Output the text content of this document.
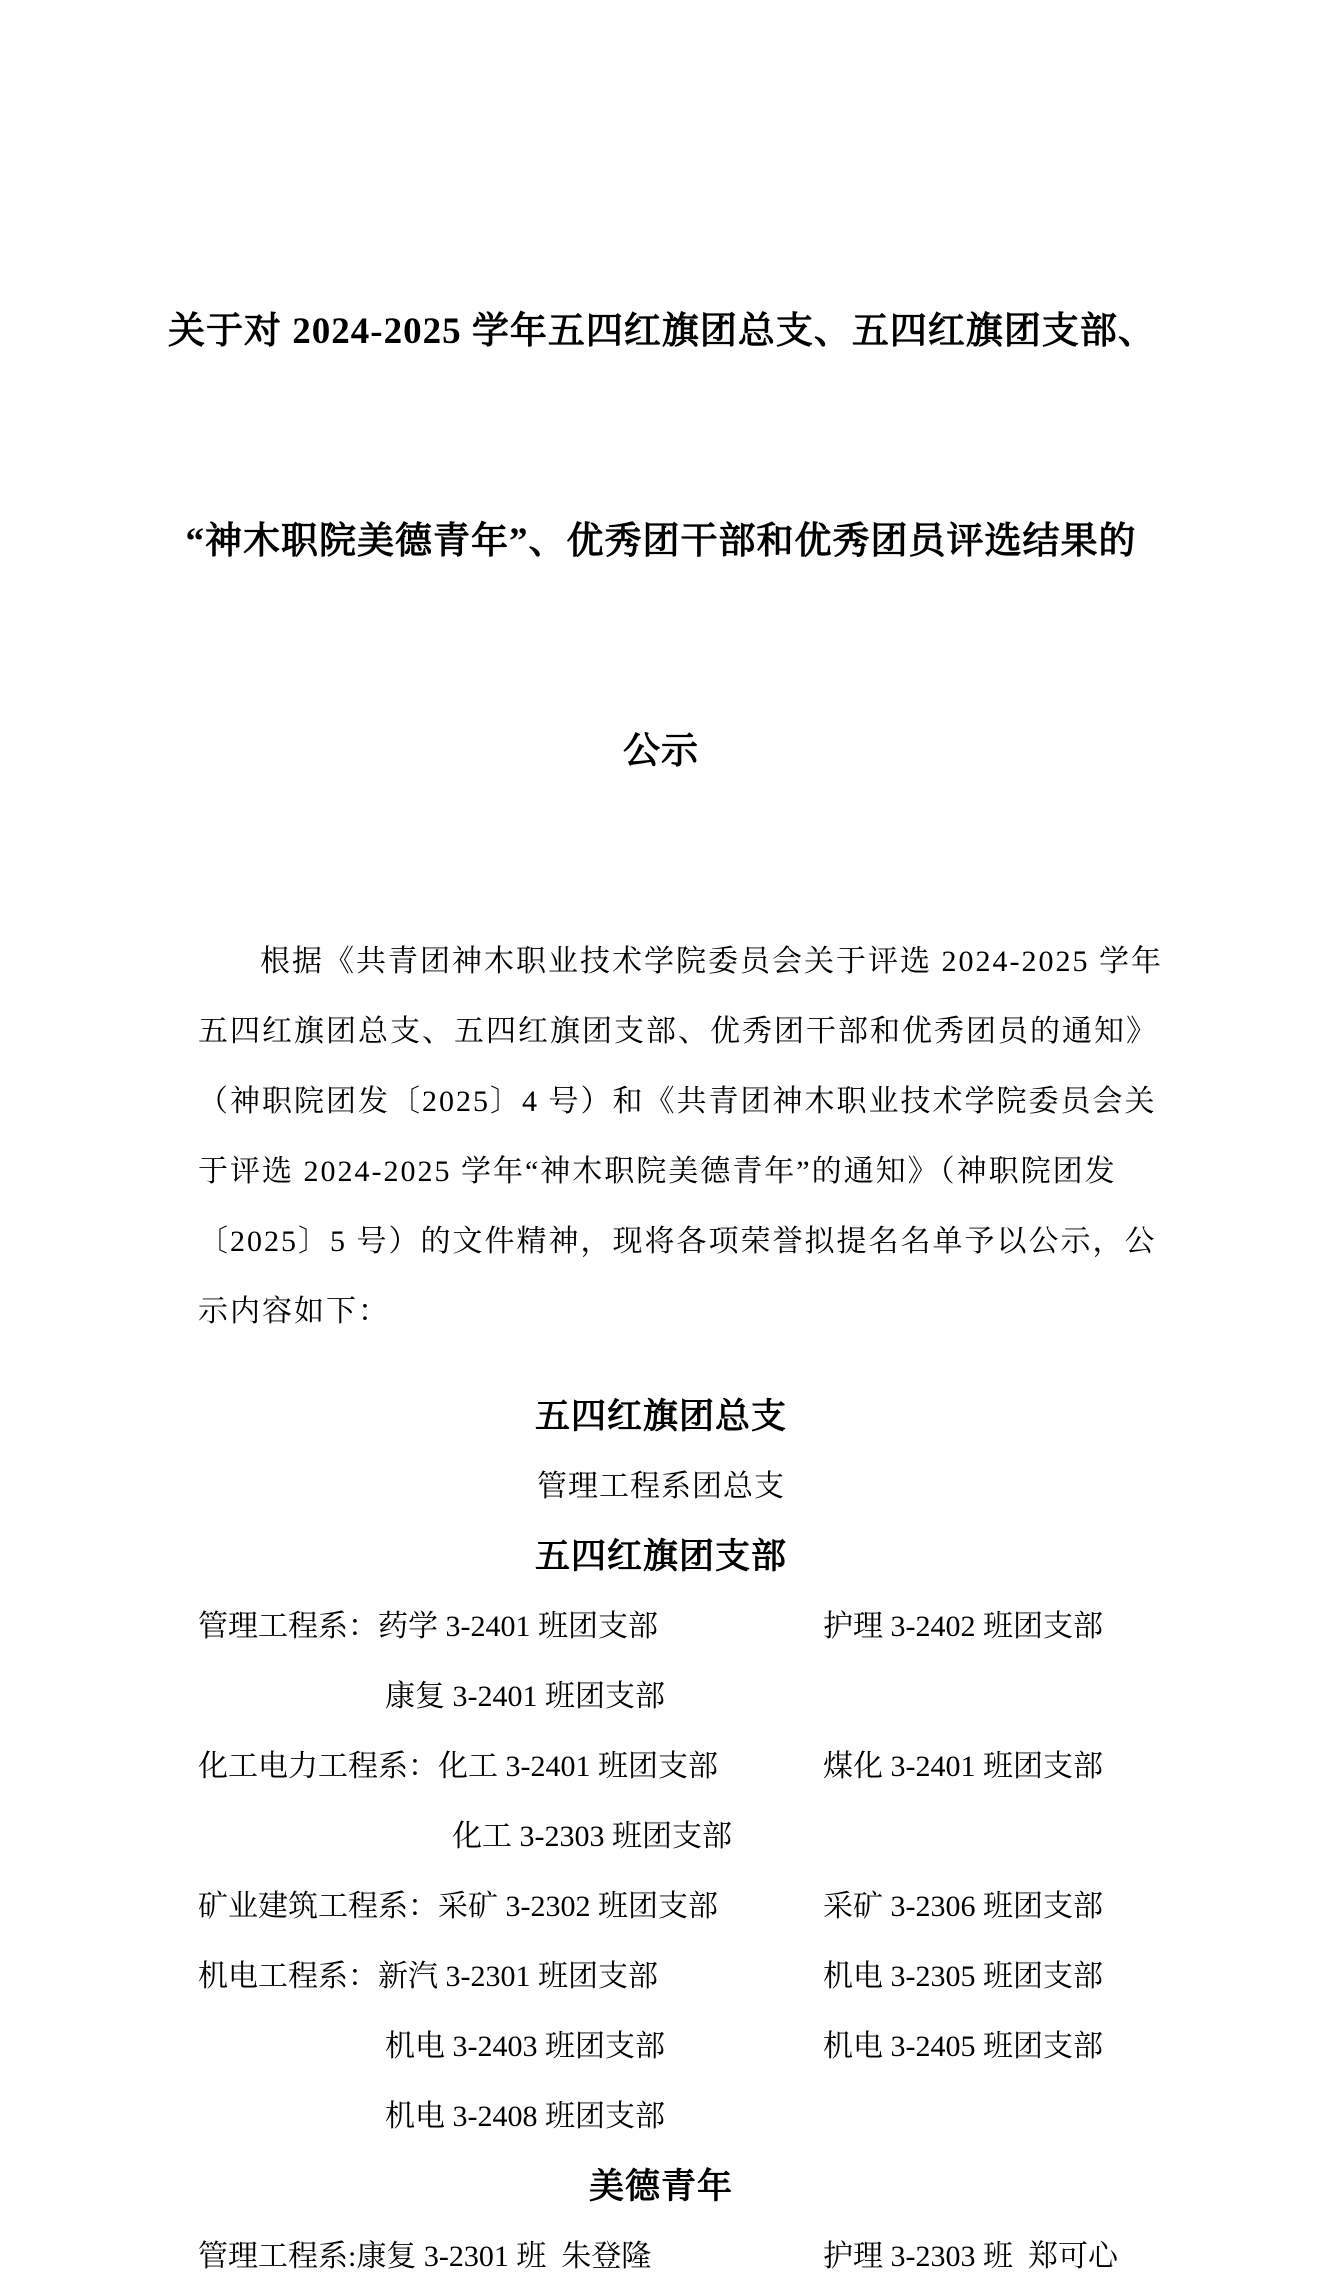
关于对 2024-2025 学年五四红旗团总支、五四红旗团支部、

“神木职院美德青年”、优秀团干部和优秀团员评选结果的

公示

根据《共青团神木职业技术学院委员会关于评选 2024-2025 学年
五四红旗团总支、五四红旗团支部、优秀团干部和优秀团员的通知》
（神职院团发〔2025〕4 号）和《共青团神木职业技术学院委员会关
于评选 2024-2025 学年“神木职院美德青年”的通知》（神职院团发
〔2025〕5 号）的文件精神，现将各项荣誉拟提名名单予以公示，公
示内容如下：
五四红旗团总支
管理工程系团总支
五四红旗团支部
管理工程系：药学 3-2401 班团支部	护理 3-2402 班团支部
康复 3-2401 班团支部
化工电力工程系：化工 3-2401 班团支部	煤化 3-2401 班团支部
化工 3-2303 班团支部
矿业建筑工程系：采矿 3-2302 班团支部	采矿 3-2306 班团支部
机电工程系：新汽 3-2301 班团支部	机电 3-2305 班团支部
机电 3-2403 班团支部	机电 3-2405 班团支部
机电 3-2408 班团支部
美德青年
管理工程系:康复 3-2301 班  朱登隆	护理 3-2303 班  郑可心
